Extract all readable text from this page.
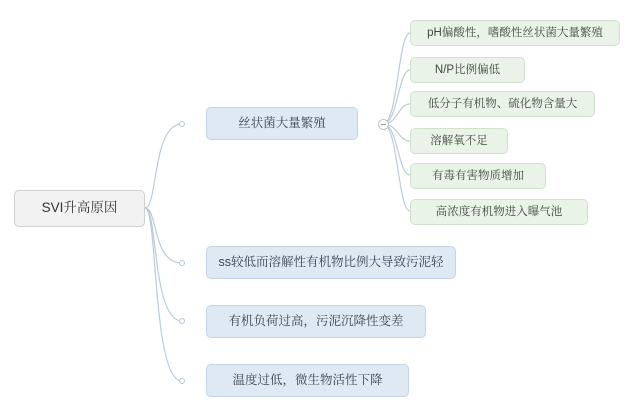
SVI升高原因
丝状菌大量繁殖
ss较低而溶解性有机物比例大导致污泥轻
有机负荷过高，污泥沉降性变差
温度过低，微生物活性下降
pH偏酸性，嗜酸性丝状菌大量繁殖
N/P比例偏低
低分子有机物、硫化物含量大
溶解氧不足
有毒有害物质增加
高浓度有机物进入曝气池
